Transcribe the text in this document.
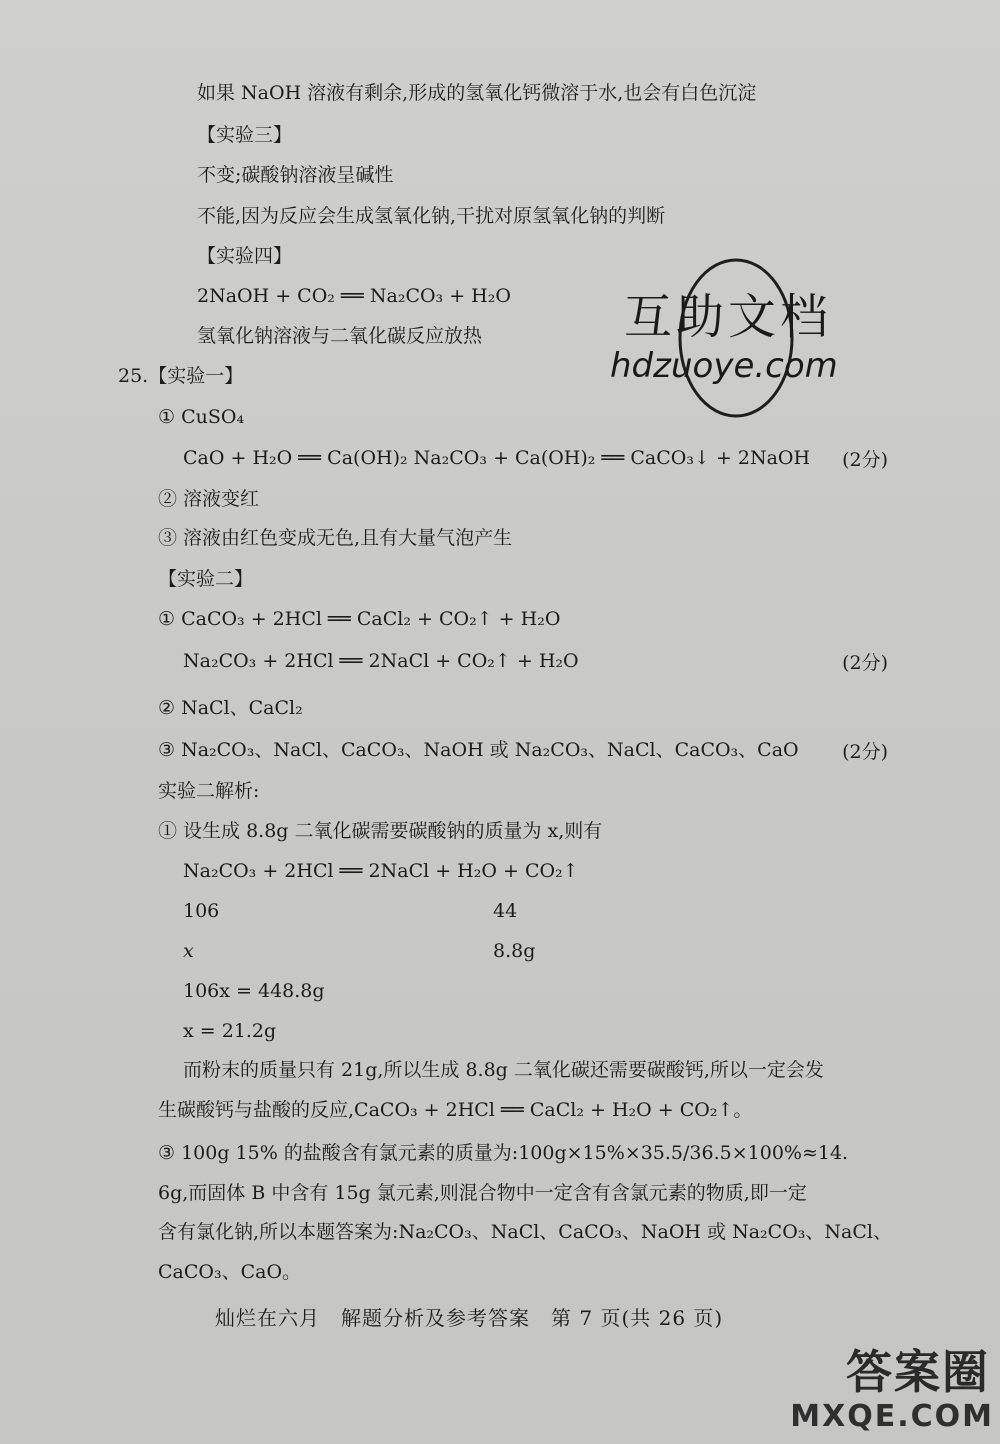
如果 NaOH 溶液有剩余,形成的氢氧化钙微溶于水,也会有白色沉淀
【实验三】
不变;碳酸钠溶液呈碱性
不能,因为反应会生成氢氧化钠,干扰对原氢氧化钠的判断
【实验四】
2NaOH + CO₂ ══ Na₂CO₃ + H₂O
氢氧化钠溶液与二氧化碳反应放热	互助文档
hdzuoye.com
25.【实验一】
① CuSO₄
CaO + H₂O ══ Ca(OH)₂ Na₂CO₃ + Ca(OH)₂ ══ CaCO₃↓ + 2NaOH (2分)
② 溶液变红
③ 溶液由红色变成无色,且有大量气泡产生
【实验二】
① CaCO₃ + 2HCl ══ CaCl₂ + CO₂↑ + H₂O
Na₂CO₃ + 2HCl ══ 2NaCl + CO₂↑ + H₂O	(2分)
② NaCl、CaCl₂
③ Na₂CO₃、NaCl、CaCO₃、NaOH 或 Na₂CO₃、NaCl、CaCO₃、CaO (2分)
实验二解析:
① 设生成 8.8g 二氧化碳需要碳酸钠的质量为 x,则有
Na₂CO₃ + 2HCl ══ 2NaCl + H₂O + CO₂↑
106	44
x	8.8g
106x = 448.8g
x = 21.2g
而粉末的质量只有 21g,所以生成 8.8g 二氧化碳还需要碳酸钙,所以一定会发
生碳酸钙与盐酸的反应,CaCO₃ + 2HCl ══ CaCl₂ + H₂O + CO₂↑。
③ 100g 15% 的盐酸含有氯元素的质量为:100g×15%×35.5/36.5×100%≈14.
6g,而固体 B 中含有 15g 氯元素,则混合物中一定含有含氯元素的物质,即一定
含有氯化钠,所以本题答案为:Na₂CO₃、NaCl、CaCO₃、NaOH 或 Na₂CO₃、NaCl、
CaCO₃、CaO。
灿烂在六月　解题分析及参考答案　第 7 页(共 26 页)
答案圈
MXQE.COM
